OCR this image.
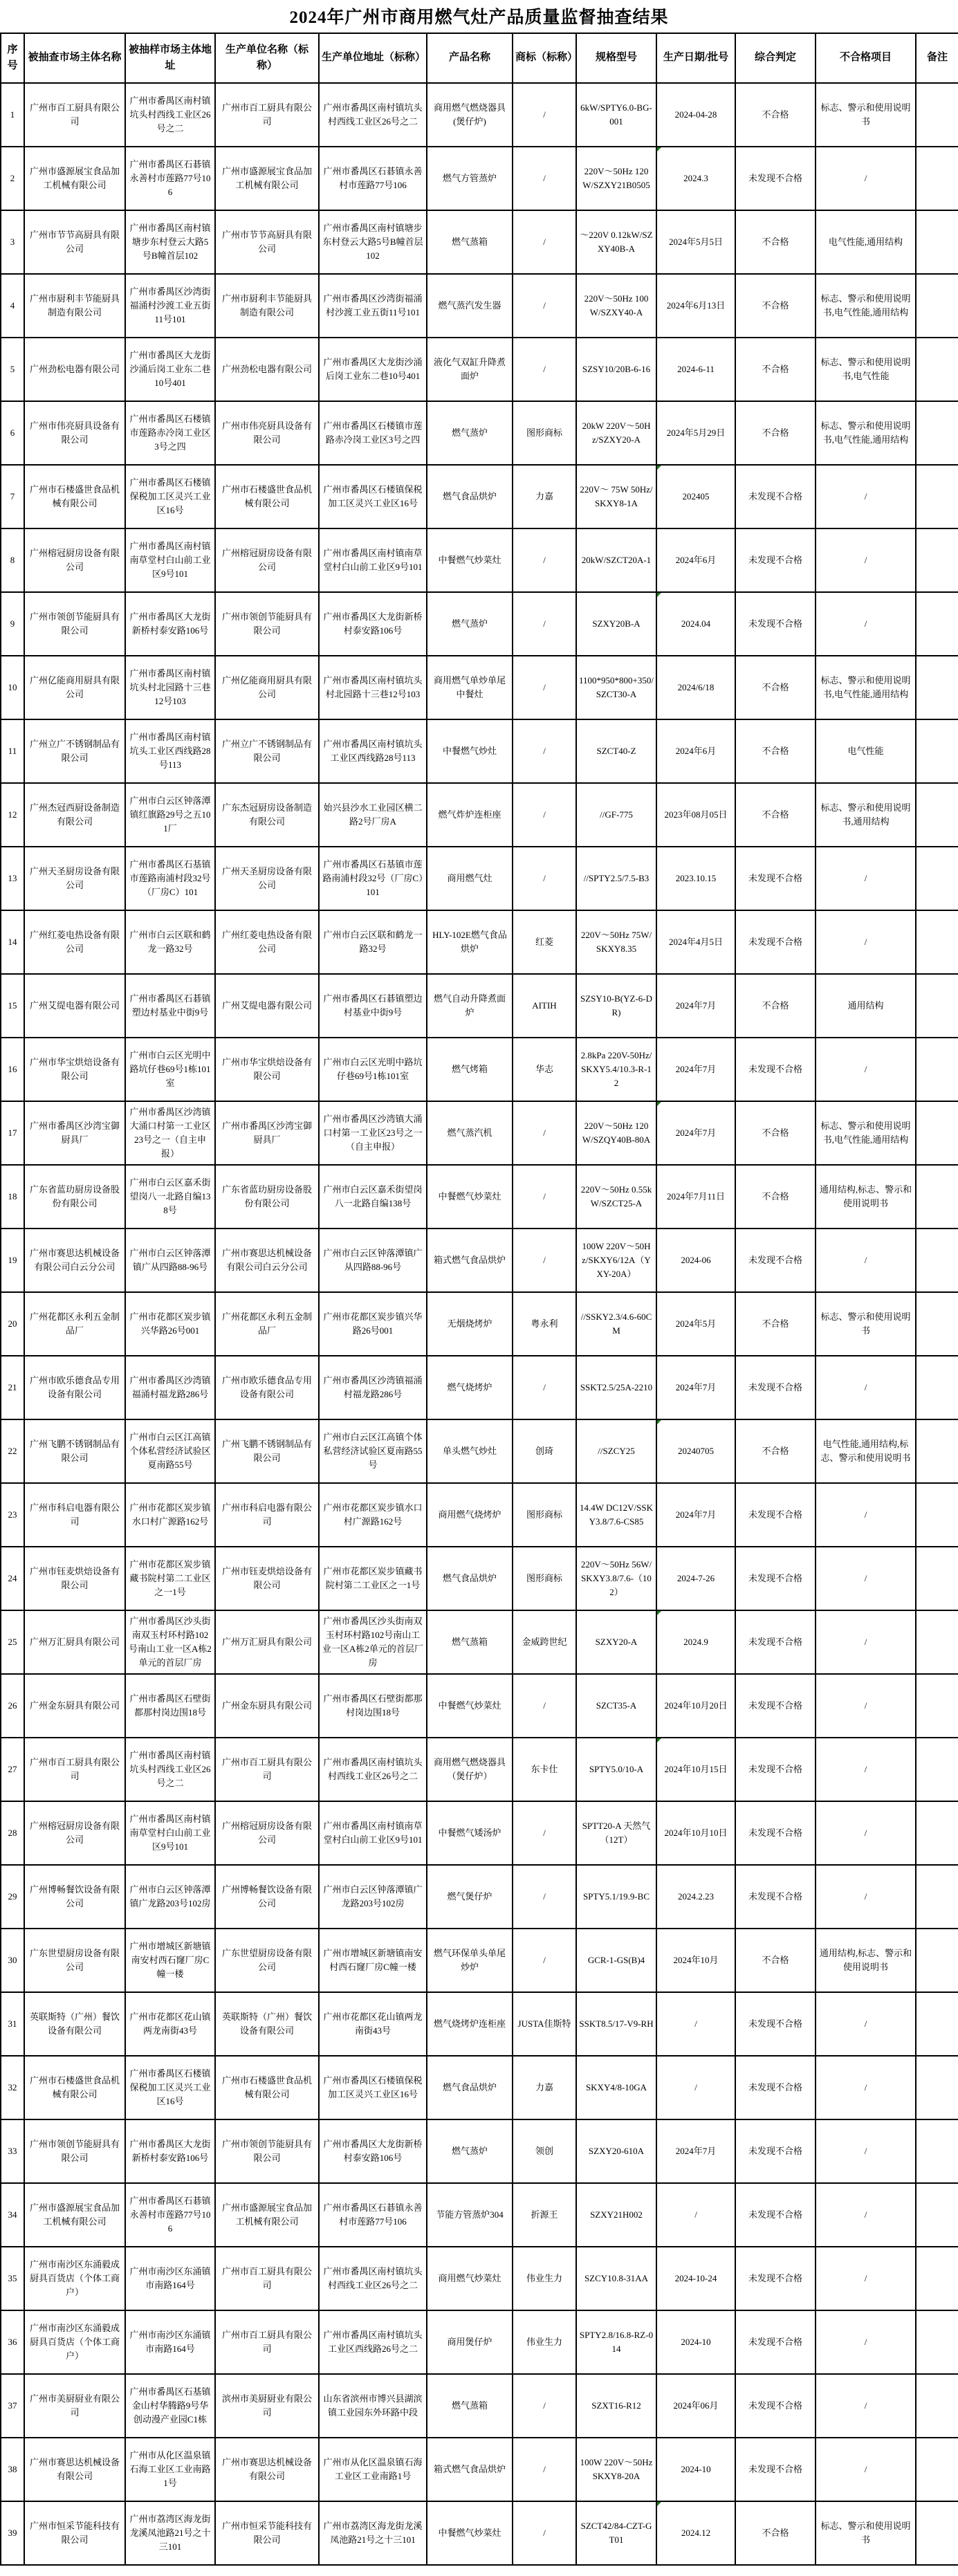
2024年广州市商用燃气灶产品质量监督抽查结果
序号	被抽查市场主体名称	被抽样市场主体地址	生产单位名称（标称）	生产单位地址（标称）	产品名称	商标（标称）	规格型号	生产日期/批号	综合判定	不合格项目	备注
1	广州市百工厨具有限公司	广州市番禺区南村镇坑头村西线工业区26号之二	广州市百工厨具有限公司	广州市番禺区南村镇坑头村西线工业区26号之二	商用燃气燃烧器具(煲仔炉)	/	6kW/SPTY6.0-BG-001	2024-04-28	不合格	标志、警示和使用说明书	
2	广州市盛源展宝食品加工机械有限公司	广州市番禺区石碁镇永善村市莲路77号106	广州市盛源展宝食品加工机械有限公司	广州市番禺区石碁镇永善村市莲路77号106	燃气方管蒸炉	/	220V～50Hz 120W/SZXY21B0505	2024.3	未发现不合格	/	
3	广州市节节高厨具有限公司	广州市番禺区南村镇塘步东村登云大路5号B幢首层102	广州市节节高厨具有限公司	广州市番禺区南村镇塘步东村登云大路5号B幢首层102	燃气蒸箱	/	～220V 0.12kW/SZXY40B-A	2024年5月5日	不合格	电气性能,通用结构	
4	广州市厨利丰节能厨具制造有限公司	广州市番禺区沙湾街福涌村沙渡工业五街11号101	广州市厨利丰节能厨具制造有限公司	广州市番禺区沙湾街福涌村沙渡工业五街11号101	燃气蒸汽发生器	/	220V～50Hz 100W/SZXY40-A	2024年6月13日	不合格	标志、警示和使用说明书,电气性能,通用结构	
5	广州劲松电器有限公司	广州市番禺区大龙街沙涌后岗工业东二巷10号401	广州劲松电器有限公司	广州市番禺区大龙街沙涌后岗工业东二巷10号401	液化气双缸升降煮面炉	/	SZSY10/20B-6-16	2024-6-11	不合格	标志、警示和使用说明书,电气性能	
6	广州市伟亮厨具设备有限公司	广州市番禺区石楼镇市莲路赤冷岗工业区3号之四	广州市伟亮厨具设备有限公司	广州市番禺区石楼镇市莲路赤冷岗工业区3号之四	燃气蒸炉	图形商标	20kW 220V～50Hz/SZXY20-A	2024年5月29日	不合格	标志、警示和使用说明书,电气性能,通用结构	
7	广州市石楼盛世食品机械有限公司	广州市番禺区石楼镇保税加工区灵兴工业区16号	广州市石楼盛世食品机械有限公司	广州市番禺区石楼镇保税加工区灵兴工业区16号	燃气食品烘炉	力嘉	220V～ 75W 50Hz/SKXY8-1A	202405	未发现不合格	/	
8	广州榕冠厨房设备有限公司	广州市番禺区南村镇南草堂村白山前工业区9号101	广州榕冠厨房设备有限公司	广州市番禺区南村镇南草堂村白山前工业区9号101	中餐燃气炒菜灶	/	20kW/SZCT20A-1	2024年6月	未发现不合格	/	
9	广州市领创节能厨具有限公司	广州市番禺区大龙街新桥村泰安路106号	广州市领创节能厨具有限公司	广州市番禺区大龙街新桥村泰安路106号	燃气蒸炉	/	SZXY20B-A	2024.04	未发现不合格	/	
10	广州亿能商用厨具有限公司	广州市番禺区南村镇坑头村北园路十三巷12号103	广州亿能商用厨具有限公司	广州市番禺区南村镇坑头村北园路十三巷12号103	商用燃气单炒单尾中餐灶	/	1100*950*800+350/SZCT30-A	2024/6/18	不合格	标志、警示和使用说明书,电气性能,通用结构	
11	广州立广不锈钢制品有限公司	广州市番禺区南村镇坑头工业区西线路28号113	广州立广不锈钢制品有限公司	广州市番禺区南村镇坑头工业区西线路28号113	中餐燃气炒灶	/	SZCT40-Z	2024年6月	不合格	电气性能	
12	广州杰冠西厨设备制造有限公司	广州市白云区钟落潭镇红旗路29号之五101厂	广东杰冠厨房设备制造有限公司	始兴县沙水工业园区横二路2号厂房A	燃气炸炉连柜座	/	//GF-775	2023年08月05日	不合格	标志、警示和使用说明书,通用结构	
13	广州天圣厨房设备有限公司	广州市番禺区石基镇市莲路南浦村段32号（厂房C）101	广州天圣厨房设备有限公司	广州市番禺区石基镇市莲路南浦村段32号（厂房C）101	商用燃气灶	/	//SPTY2.5/7.5-B3	2023.10.15	未发现不合格	/	
14	广州红菱电热设备有限公司	广州市白云区联和鹤龙一路32号	广州红菱电热设备有限公司	广州市白云区联和鹤龙一路32号	HLY-102E燃气食品烘炉	红菱	220V～50Hz 75W/SKXY8.35	2024年4月5日	未发现不合格	/	
15	广州艾缇电器有限公司	广州市番禺区石碁镇塑边村基业中街9号	广州艾缇电器有限公司	广州市番禺区石碁镇塑边村基业中街9号	燃气自动升降煮面炉	AITIH	SZSY10-B(YZ-6-DR)	2024年7月	不合格	通用结构	
16	广州市华宝烘焙设备有限公司	广州市白云区光明中路坑仔巷69号1栋101室	广州市华宝烘焙设备有限公司	广州市白云区光明中路坑仔巷69号1栋101室	燃气烤箱	华志	2.8kPa 220V-50Hz/SKXY5.4/10.3-R-12	2024年7月	未发现不合格	/	
17	广州市番禺区沙湾宝御厨具厂	广州市番禺区沙湾镇大涌口村第一工业区23号之一（自主申报）	广州市番禺区沙湾宝御厨具厂	广州市番禺区沙湾镇大涌口村第一工业区23号之一（自主申报）	燃气蒸汽机	/	220V～50Hz 120W/SZQY40B-80A	2024年7月	不合格	标志、警示和使用说明书,电气性能,通用结构	
18	广东省蓝玏厨房设备股份有限公司	广州市白云区嘉禾街望岗八一北路自编138号	广东省蓝玏厨房设备股份有限公司	广州市白云区嘉禾街望岗八一北路自编138号	中餐燃气炒菜灶	/	220V～50Hz 0.55kW/SZCT25-A	2024年7月11日	不合格	通用结构,标志、警示和使用说明书	
19	广州市赛思达机械设备有限公司白云分公司	广州市白云区钟落潭镇广从四路88-96号	广州市赛思达机械设备有限公司白云分公司	广州市白云区钟落潭镇广从四路88-96号	箱式燃气食品烘炉	/	100W 220V～50Hz/SKXY6/12A（YXY-20A）	2024-06	未发现不合格	/	
20	广州花都区永利五金制品厂	广州市花都区炭步镇兴华路26号001	广州花都区永利五金制品厂	广州市花都区炭步镇兴华路26号001	无烟烧烤炉	粤永利	//SSKY2.3/4.6-60CM	2024年5月	不合格	标志、警示和使用说明书	
21	广州市欧乐德食品专用设备有限公司	广州市番禺区沙湾镇福涌村福龙路286号	广州市欧乐德食品专用设备有限公司	广州市番禺区沙湾镇福涌村福龙路286号	燃气烧烤炉	/	SSKT2.5/25A-2210	2024年7月	未发现不合格	/	
22	广州飞鹏不锈钢制品有限公司	广州市白云区江高镇个体私营经济试验区夏南路55号	广州飞鹏不锈钢制品有限公司	广州市白云区江高镇个体私营经济试验区夏南路55号	单头燃气炒灶	创琦	//SZCY25	20240705	不合格	电气性能,通用结构,标志、警示和使用说明书	
23	广州市科启电器有限公司	广州市花都区炭步镇水口村广源路162号	广州市科启电器有限公司	广州市花都区炭步镇水口村广源路162号	商用燃气烧烤炉	图形商标	14.4W DC12V/SSKY3.8/7.6-CS85	2024年7月	未发现不合格	/	
24	广州市钰麦烘焙设备有限公司	广州市花都区炭步镇藏书院村第二工业区之一1号	广州市钰麦烘焙设备有限公司	广州市花都区炭步镇藏书院村第二工业区之一1号	燃气食品烘炉	图形商标	220V～50Hz 56W/SKXY3.8/7.6-（102）	2024-7-26	未发现不合格	/	
25	广州万汇厨具有限公司	广州市番禺区沙头街南双玉村环村路102号南山工业一区A栋2单元的首层厂房	广州万汇厨具有限公司	广州市番禺区沙头街南双玉村环村路102号南山工业一区A栋2单元的首层厂房	燃气蒸箱	金威跨世纪	SZXY20-A	2024.9	未发现不合格	/	
26	广州金东厨具有限公司	广州市番禺区石壁街都那村岗边围18号	广州金东厨具有限公司	广州市番禺区石壁街都那村岗边围18号	中餐燃气炒菜灶	/	SZCT35-A	2024年10月20日	未发现不合格	/	
27	广州市百工厨具有限公司	广州市番禺区南村镇坑头村西线工业区26号之二	广州市百工厨具有限公司	广州市番禺区南村镇坑头村西线工业区26号之二	商用燃气燃烧器具（煲仔炉）	东卡仕	SPTY5.0/10-A	2024年10月15日	未发现不合格	/	
28	广州榕冠厨房设备有限公司	广州市番禺区南村镇南草堂村白山前工业区9号101	广州榕冠厨房设备有限公司	广州市番禺区南村镇南草堂村白山前工业区9号101	中餐燃气矮汤炉	/	SPTT20-A 天然气（12T）	2024年10月10日	未发现不合格	/	
29	广州博畅餐饮设备有限公司	广州市白云区钟落潭镇广龙路203号102房	广州博畅餐饮设备有限公司	广州市白云区钟落潭镇广龙路203号102房	燃气煲仔炉	/	SPTY5.1/19.9-BC	2024.2.23	未发现不合格	/	
30	广东世望厨房设备有限公司	广州市增城区新塘镇南安村西石窿厂房C幢一楼	广东世望厨房设备有限公司	广州市增城区新塘镇南安村西石窿厂房C幢一楼	燃气环保单头单尾炒炉	/	GCR-1-GS(B)4	2024年10月	不合格	通用结构,标志、警示和使用说明书	
31	英联斯特（广州）餐饮设备有限公司	广州市花都区花山镇两龙南街43号	英联斯特（广州）餐饮设备有限公司	广州市花都区花山镇两龙南街43号	燃气烧烤炉连柜座	JUSTA佳斯特	SSKT8.5/17-V9-RH	/	未发现不合格	/	
32	广州市石楼盛世食品机械有限公司	广州市番禺区石楼镇保税加工区灵兴工业区16号	广州市石楼盛世食品机械有限公司	广州市番禺区石楼镇保税加工区灵兴工业区16号	燃气食品烘炉	力嘉	SKXY4/8-10GA	/	未发现不合格	/	
33	广州市领创节能厨具有限公司	广州市番禺区大龙街新桥村泰安路106号	广州市领创节能厨具有限公司	广州市番禺区大龙街新桥村泰安路106号	燃气蒸炉	领创	SZXY20-610A	2024年7月	未发现不合格	/	
34	广州市盛源展宝食品加工机械有限公司	广州市番禺区石碁镇永善村市莲路77号106	广州市盛源展宝食品加工机械有限公司	广州市番禺区石碁镇永善村市莲路77号106	节能方管蒸炉304	折源王	SZXY21H002	/	未发现不合格	/	
35	广州市南沙区东涌毅成厨具百货店（个体工商户）	广州市南沙区东涌镇市南路164号	广州市百工厨具有限公司	广州市番禺区南村镇坑头村西线工业区26号之二	商用燃气炒菜灶	伟业生力	SZCY10.8-31AA	2024-10-24	未发现不合格	/	
36	广州市南沙区东涌毅成厨具百货店（个体工商户）	广州市南沙区东涌镇市南路164号	广州市百工厨具有限公司	广州市番禺区南村镇坑头工业区西线路26号之二	商用煲仔炉	伟业生力	SPTY2.8/16.8-RZ-014	2024-10	未发现不合格	/	
37	广州市美厨厨业有限公司	广州市番禺区石基镇金山村华腾路9号华创动漫产业园C1栋	滨州市美厨厨业有限公司	山东省滨州市博兴县湖滨镇工业园东外环路中段	燃气蒸箱	/	SZXT16-R12	2024年06月	未发现不合格	/	
38	广州市赛思达机械设备有限公司	广州市从化区温泉镇石海工业区工业南路1号	广州市赛思达机械设备有限公司	广州市从化区温泉镇石海工业区工业南路1号	箱式燃气食品烘炉	/	100W 220V～50Hz SKXY8-20A	2024-10	未发现不合格	/	
39	广州市恒采节能科技有限公司	广州市荔湾区海龙街龙溪凤池路21号之十三101	广州市恒采节能科技有限公司	广州市荔湾区海龙街龙溪凤池路21号之十三101	中餐燃气炒菜灶	/	SZCT42/84-CZT-GT01	2024.12	不合格	标志、警示和使用说明书	
